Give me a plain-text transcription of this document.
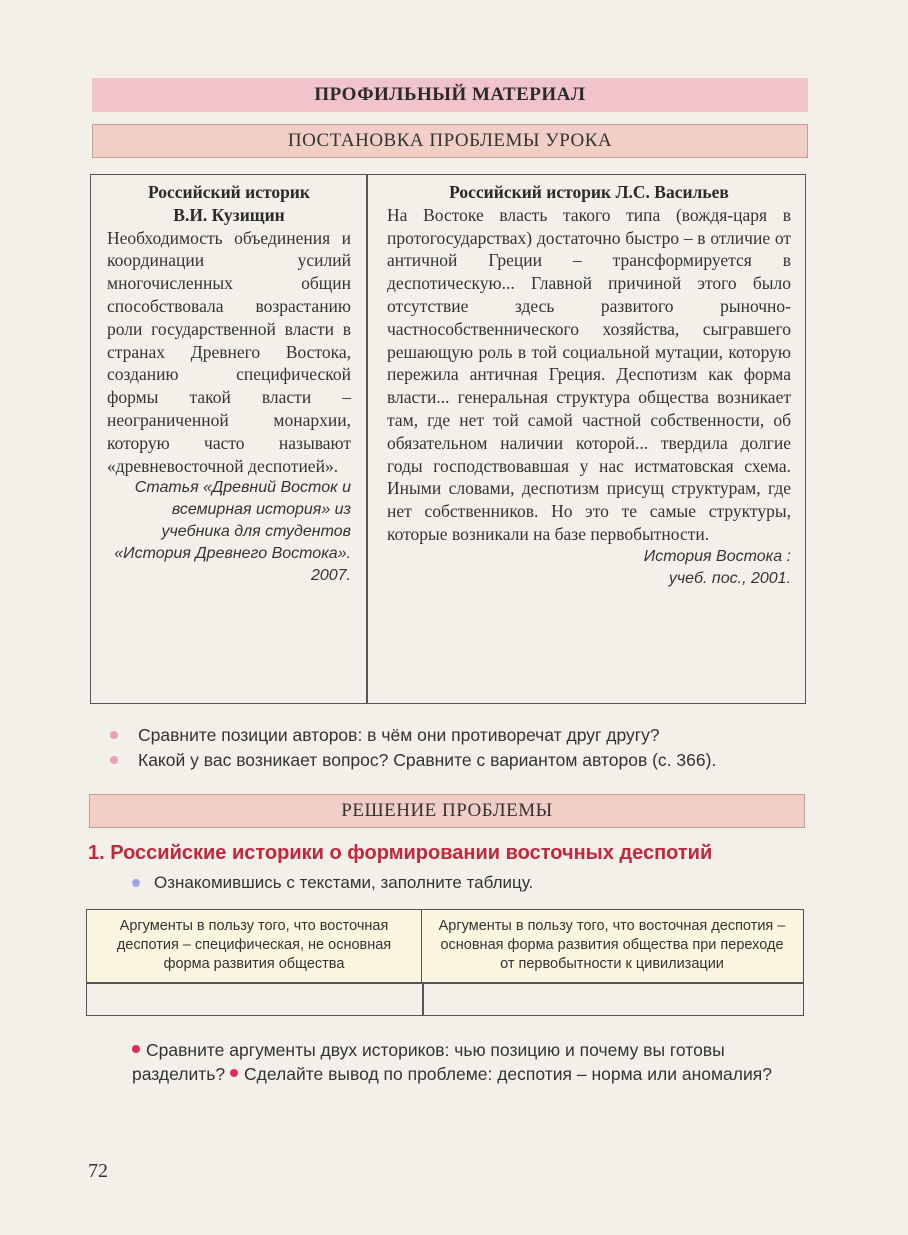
ПРОФИЛЬНЫЙ МАТЕРИАЛ
ПОСТАНОВКА ПРОБЛЕМЫ УРОКА
Российский историк
В.И. Кузищин
Необходимость объединения и координации усилий многочисленных общин способствовала возрастанию роли государственной власти в странах Древнего Востока, созданию специфической формы такой власти – неограниченной монархии, которую часто называют «древневосточной деспотией».
Статья «Древний Восток и всемирная история» из учебника для студентов «История Древнего Востока». 2007.
Российский историк Л.С. Васильев
На Востоке власть такого типа (вождя-царя в протогосударствах) достаточно быстро – в отличие от античной Греции – трансформируется в деспотическую... Главной причиной этого было отсутствие здесь развитого рыночно-частнособственнического хозяйства, сыгравшего решающую роль в той социальной мутации, которую пережила античная Греция. Деспотизм как форма власти... генеральная структура общества возникает там, где нет той самой частной собственности, об обязательном наличии которой... твердила долгие годы господствовавшая у нас истматовская схема. Иными словами, деспотизм присущ структурам, где нет собственников. Но это те самые структуры, которые возникали на базе первобытности.
История Востока :
учеб. пос., 2001.
Сравните позиции авторов: в чём они противоречат друг другу?
Какой у вас возникает вопрос? Сравните с вариантом авторов (с. 366).
РЕШЕНИЕ ПРОБЛЕМЫ
1. Российские историки о формировании восточных деспотий
Ознакомившись с текстами, заполните таблицу.
Аргументы в пользу того, что восточная деспотия – специфическая, не основная форма развития общества
Аргументы в пользу того, что восточная деспотия – основная форма развития общества при переходе от первобытности к цивилизации
Сравните аргументы двух историков: чью позицию и почему вы готовы разделить? Сделайте вывод по проблеме: деспотия – норма или аномалия?
72
